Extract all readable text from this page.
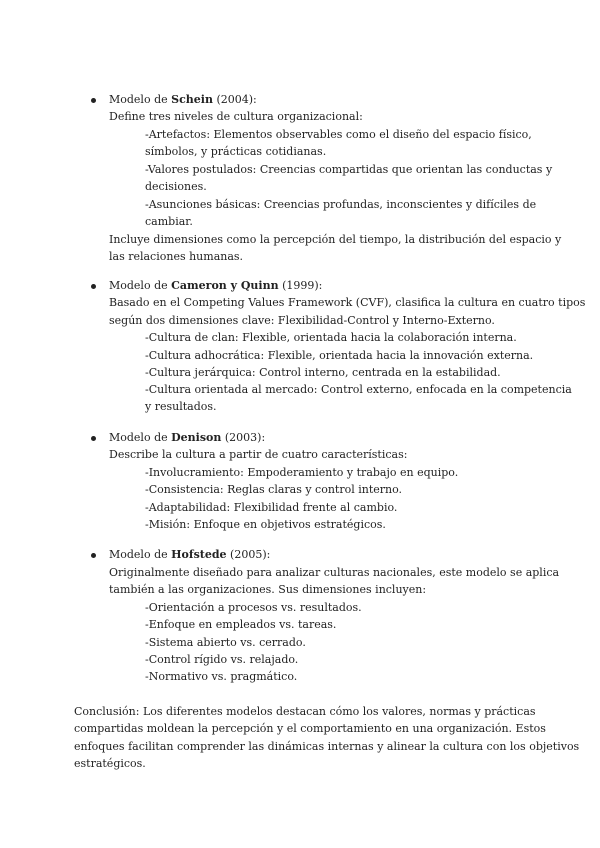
Modelo de Schein (2004):
Define tres niveles de cultura organizacional:
-Artefactos: Elementos observables como el diseño del espacio físico,
símbolos, y prácticas cotidianas.
-Valores postulados: Creencias compartidas que orientan las conductas y
decisiones.
-Asunciones básicas: Creencias profundas, inconscientes y difíciles de
cambiar.
Incluye dimensiones como la percepción del tiempo, la distribución del espacio y
las relaciones humanas.
Modelo de Cameron y Quinn (1999):
Basado en el Competing Values Framework (CVF), clasifica la cultura en cuatro tipos
según dos dimensiones clave: Flexibilidad-Control y Interno-Externo.
-Cultura de clan: Flexible, orientada hacia la colaboración interna.
-Cultura adhocrática: Flexible, orientada hacia la innovación externa.
-Cultura jerárquica: Control interno, centrada en la estabilidad.
-Cultura orientada al mercado: Control externo, enfocada en la competencia
y resultados.
Modelo de Denison (2003):
Describe la cultura a partir de cuatro características:
-Involucramiento: Empoderamiento y trabajo en equipo.
-Consistencia: Reglas claras y control interno.
-Adaptabilidad: Flexibilidad frente al cambio.
-Misión: Enfoque en objetivos estratégicos.
Modelo de Hofstede (2005):
Originalmente diseñado para analizar culturas nacionales, este modelo se aplica
también a las organizaciones. Sus dimensiones incluyen:
-Orientación a procesos vs. resultados.
-Enfoque en empleados vs. tareas.
-Sistema abierto vs. cerrado.
-Control rígido vs. relajado.
-Normativo vs. pragmático.
Conclusión: Los diferentes modelos destacan cómo los valores, normas y prácticas
compartidas moldean la percepción y el comportamiento en una organización. Estos
enfoques facilitan comprender las dinámicas internas y alinear la cultura con los objetivos
estratégicos.
